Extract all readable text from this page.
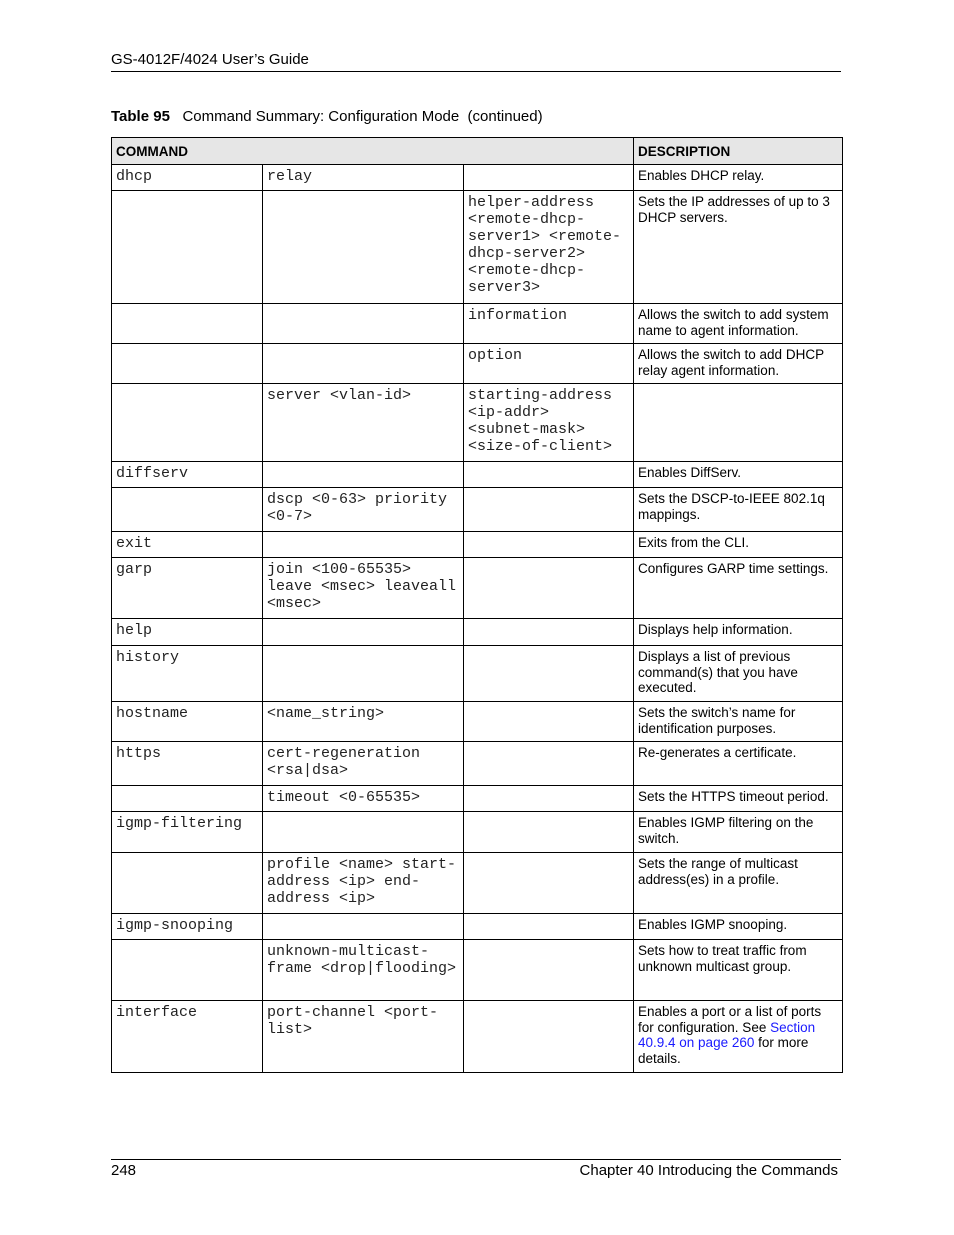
GS-4012F/4024 User’s Guide
Table 95 Command Summary: Configuration Mode  (continued)
COMMAND			DESCRIPTION
dhcp	relay		Enables DHCP relay.
		helper-address <remote-dhcp-server1> <remote-dhcp-server2> <remote-dhcp-server3>	Sets the IP addresses of up to 3 DHCP servers.
		information	Allows the switch to add system name to agent information.
		option	Allows the switch to add DHCP relay agent information.
	server <vlan-id>	starting-address <ip-addr> <subnet-mask> <size-of-client>	
diffserv			Enables DiffServ.
	dscp <0-63> priority <0-7>		Sets the DSCP-to-IEEE 802.1q mappings.
exit			Exits from the CLI.
garp	join <100-65535> leave <msec> leaveall <msec>		Configures GARP time settings.
help			Displays help information.
history			Displays a list of previous command(s) that you have executed.
hostname	<name_string>		Sets the switch’s name for identification purposes.
https	cert-regeneration <rsa|dsa>		Re-generates a certificate.
	timeout <0-65535>		Sets the HTTPS timeout period.
igmp-filtering			Enables IGMP filtering on the switch.
	profile <name> start-address <ip> end-address <ip>		Sets the range of multicast address(es) in a profile.
igmp-snooping			Enables IGMP snooping.
	unknown-multicast-frame <drop|flooding>		Sets how to treat traffic from unknown multicast group.
interface	port-channel <port-list>		Enables a port or a list of ports for configuration. See Section 40.9.4 on page 260 for more details.
248	Chapter 40 Introducing the Commands
